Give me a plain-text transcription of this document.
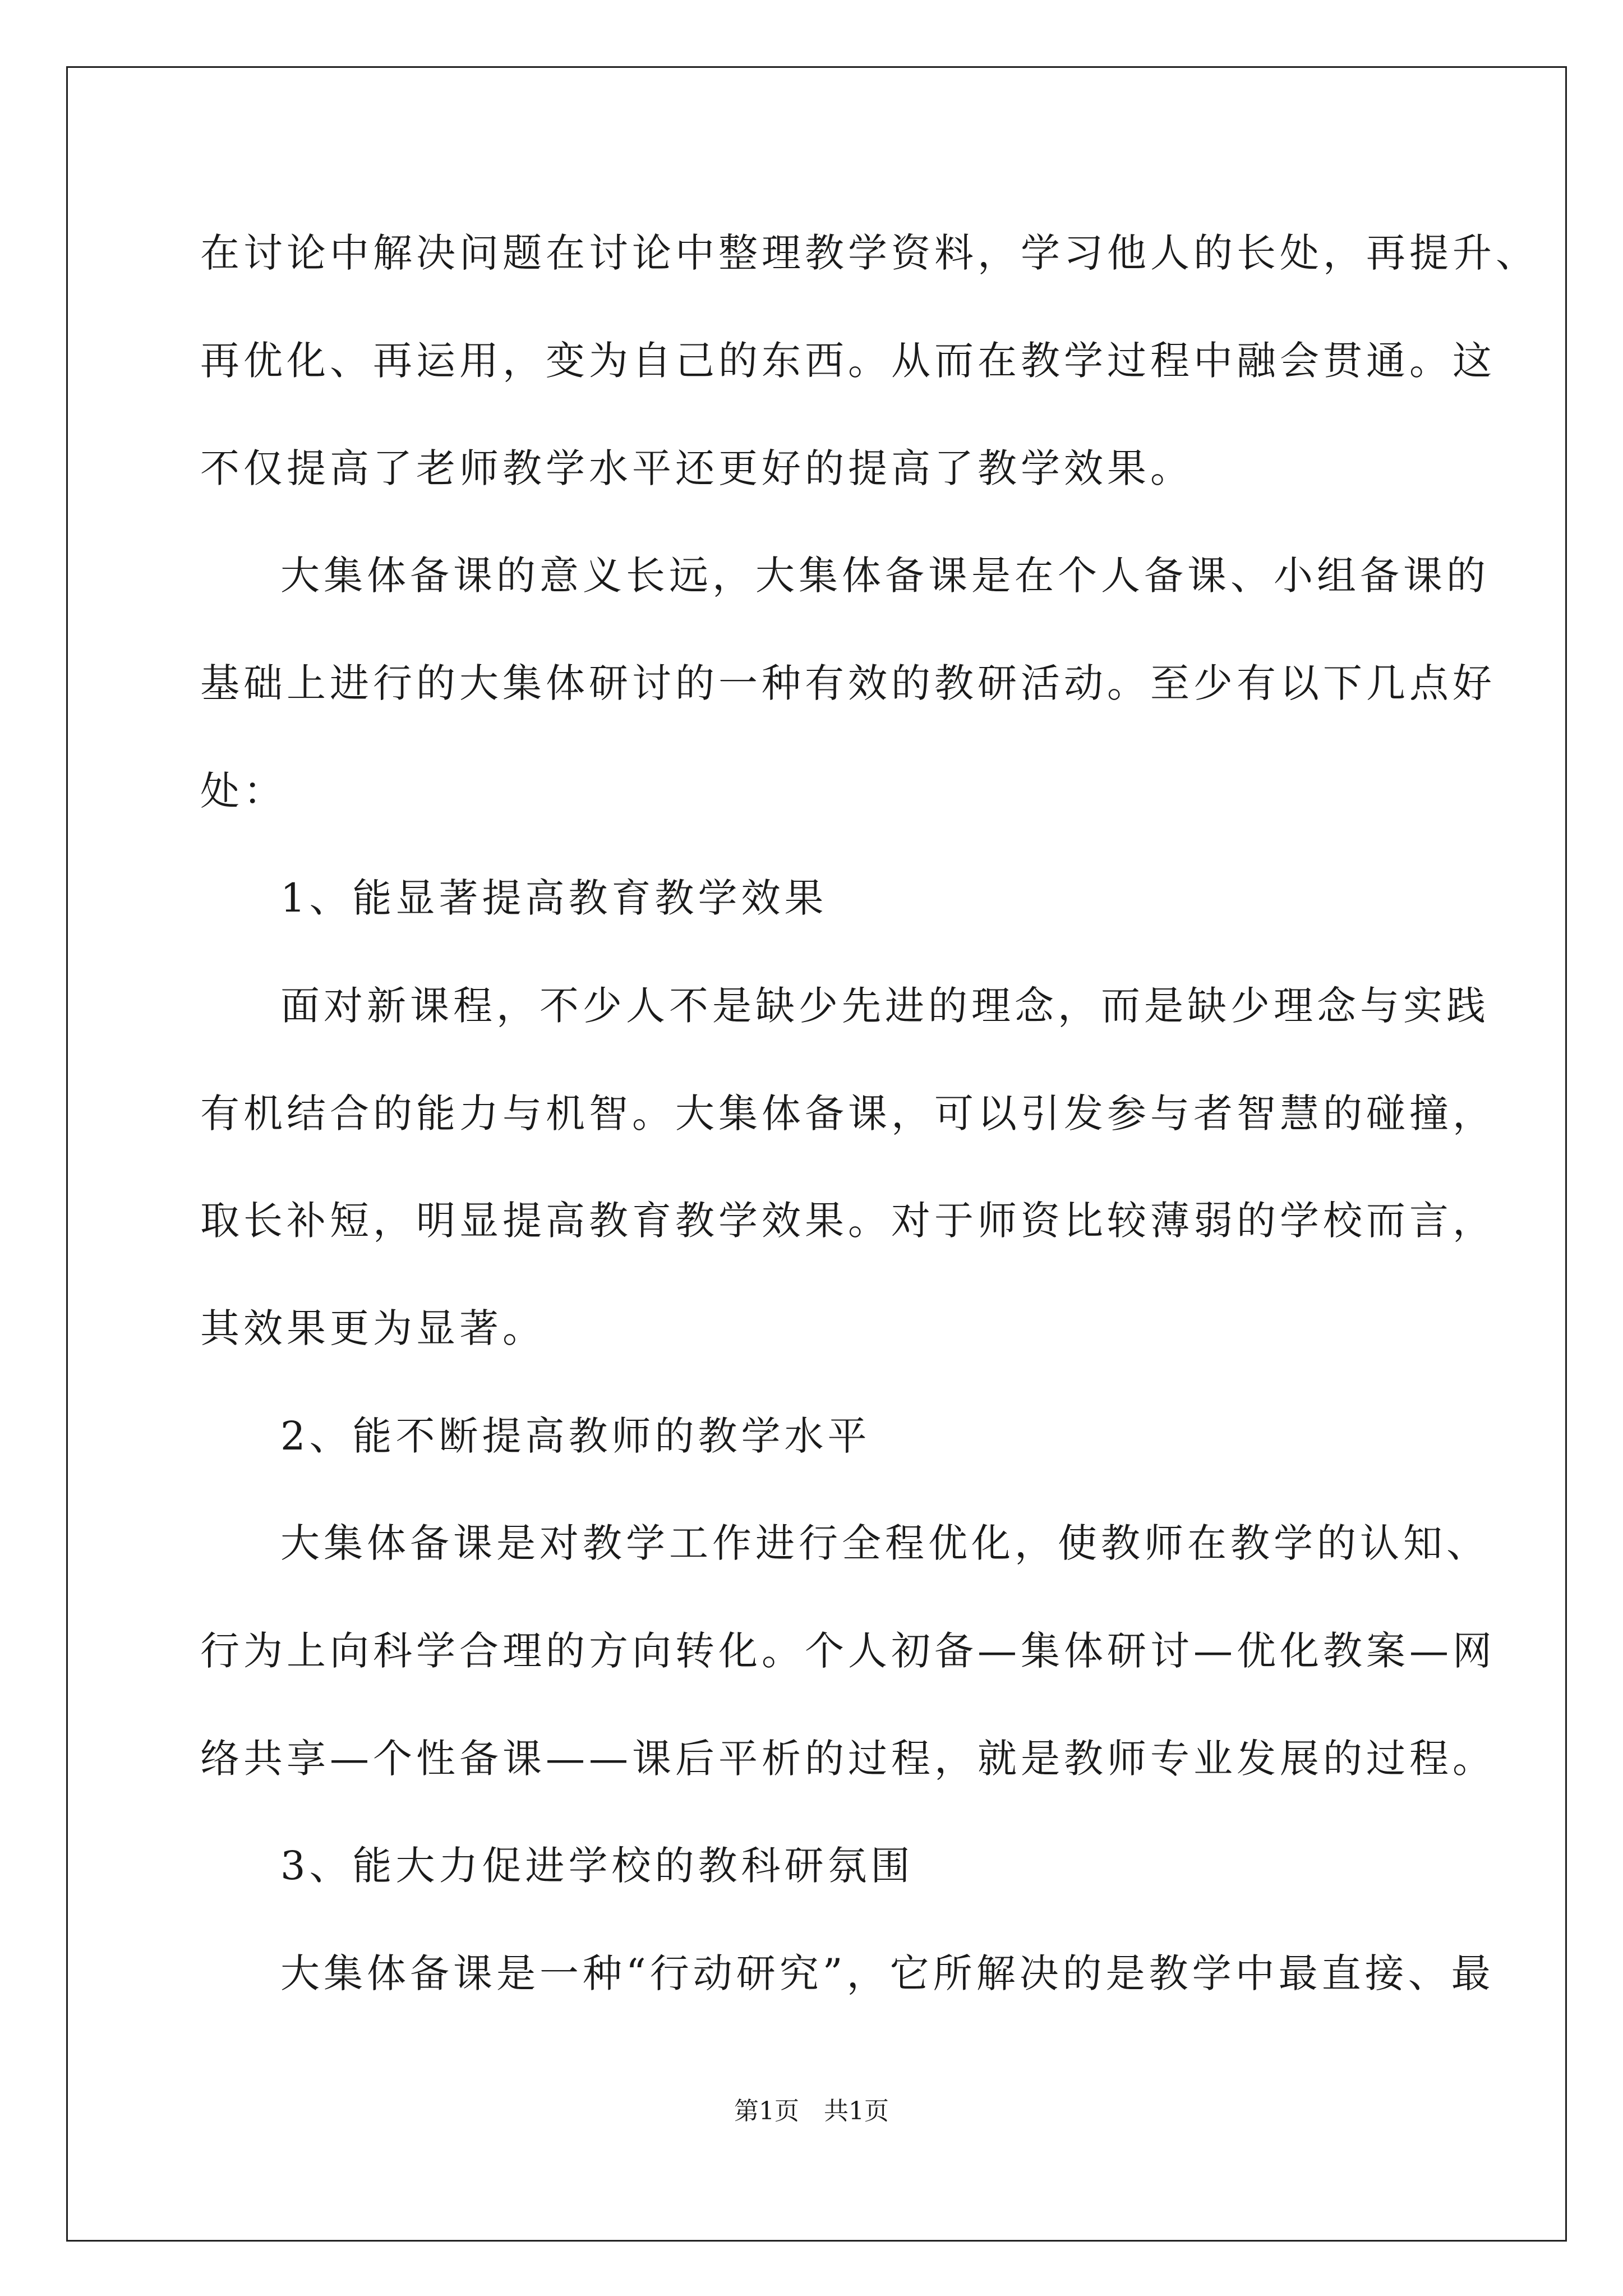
在讨论中解决问题在讨论中整理教学资料，学习他人的长处，再提升、

再优化、再运用，变为自己的东西。从而在教学过程中融会贯通。这

不仅提高了老师教学水平还更好的提高了教学效果。

大集体备课的意义长远，大集体备课是在个人备课、小组备课的

基础上进行的大集体研讨的一种有效的教研活动。至少有以下几点好

处：

1、能显著提高教育教学效果

面对新课程，不少人不是缺少先进的理念，而是缺少理念与实践

有机结合的能力与机智。大集体备课，可以引发参与者智慧的碰撞，

取长补短，明显提高教育教学效果。对于师资比较薄弱的学校而言，

其效果更为显著。

2、能不断提高教师的教学水平

大集体备课是对教学工作进行全程优化，使教师在教学的认知、

行为上向科学合理的方向转化。个人初备—集体研讨—优化教案—网

络共享—个性备课——课后平析的过程，就是教师专业发展的过程。

3、能大力促进学校的教科研氛围

大集体备课是一种“行动研究”，它所解决的是教学中最直接、最

第1页　共1页
